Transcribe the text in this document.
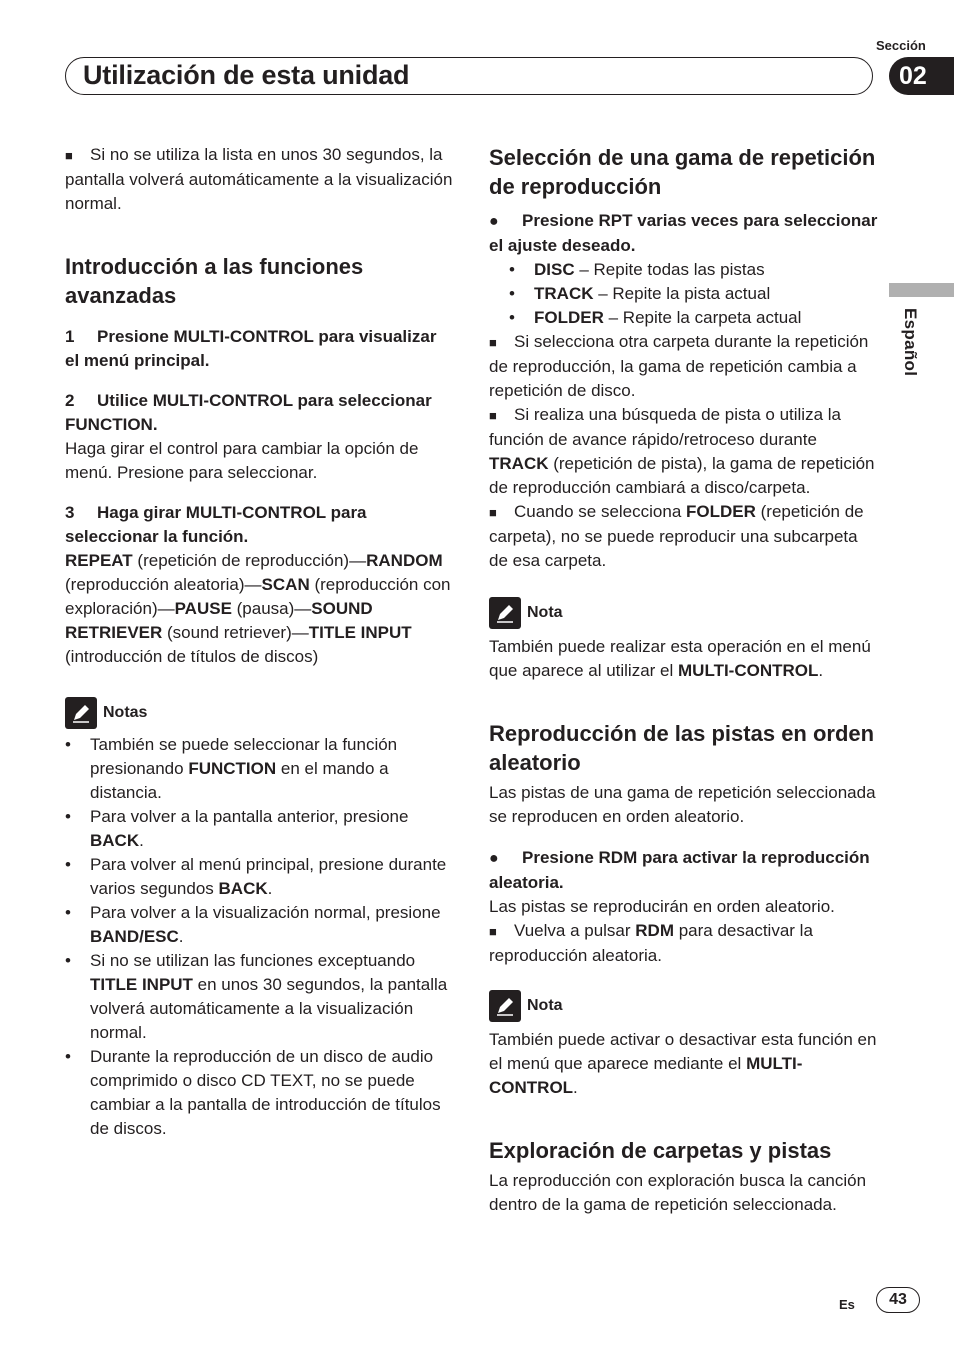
Sección
Utilización de esta unidad	02
Español

■ Si no se utiliza la lista en unos 30 segundos, la pantalla volverá automáticamente a la visualización normal.

Introducción a las funciones avanzadas

1 Presione MULTI-CONTROL para visualizar el menú principal.

2 Utilice MULTI-CONTROL para seleccionar FUNCTION.

Haga girar el control para cambiar la opción de menú. Presione para seleccionar.

3 Haga girar MULTI-CONTROL para seleccionar la función.

REPEAT (repetición de reproducción)—RANDOM (reproducción aleatoria)—SCAN (reproducción con exploración)—PAUSE (pausa)—SOUND RETRIEVER (sound retriever)—TITLE INPUT (introducción de títulos de discos)

Notas
• También se puede seleccionar la función presionando FUNCTION en el mando a distancia.
• Para volver a la pantalla anterior, presione BACK.
• Para volver al menú principal, presione durante varios segundos BACK.
• Para volver a la visualización normal, presione BAND/ESC.
• Si no se utilizan las funciones exceptuando TITLE INPUT en unos 30 segundos, la pantalla volverá automáticamente a la visualización normal.
• Durante la reproducción de un disco de audio comprimido o disco CD TEXT, no se puede cambiar a la pantalla de introducción de títulos de discos.
Selección de una gama de repetición de reproducción

● Presione RPT varias veces para seleccionar el ajuste deseado.

• DISC – Repite todas las pistas
• TRACK – Repite la pista actual
• FOLDER – Repite la carpeta actual

■ Si selecciona otra carpeta durante la repetición de reproducción, la gama de repetición cambia a repetición de disco.

■ Si realiza una búsqueda de pista o utiliza la función de avance rápido/retroceso durante TRACK (repetición de pista), la gama de repetición de reproducción cambiará a disco/carpeta.

■ Cuando se selecciona FOLDER (repetición de carpeta), no se puede reproducir una subcarpeta de esa carpeta.

Nota

También puede realizar esta operación en el menú que aparece al utilizar el MULTI-CONTROL.

Reproducción de las pistas en orden aleatorio

Las pistas de una gama de repetición seleccionada se reproducen en orden aleatorio.

● Presione RDM para activar la reproducción aleatoria.

Las pistas se reproducirán en orden aleatorio.

■ Vuelva a pulsar RDM para desactivar la reproducción aleatoria.

Nota

También puede activar o desactivar esta función en el menú que aparece mediante el MULTI-CONTROL.

Exploración de carpetas y pistas

La reproducción con exploración busca la canción dentro de la gama de repetición seleccionada.

Es	43
